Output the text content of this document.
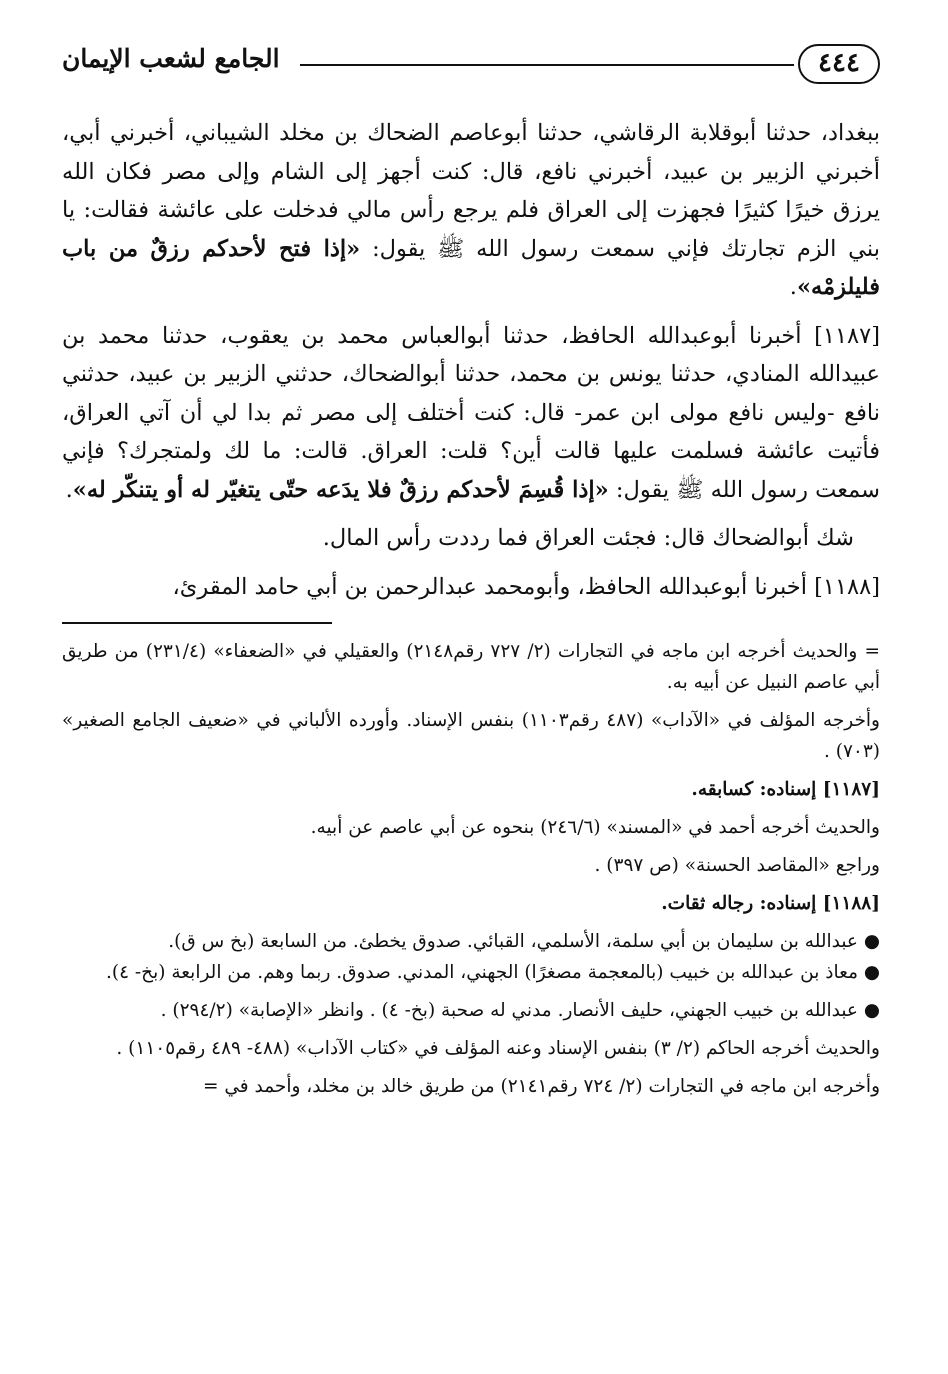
٤٤٤
الجامع لشعب الإيمان

ببغداد، حدثنا أبوقلابة الرقاشي، حدثنا أبوعاصم الضحاك بن مخلد الشيباني، أخبرني أبي، أخبرني الزبير بن عبيد، أخبرني نافع، قال: كنت أجهز إلى الشام وإلى مصر فكان الله يرزق خيرًا كثيرًا فجهزت إلى العراق فلم يرجع رأس مالي فدخلت على عائشة فقالت: يا بني الزم تجارتك فإني سمعت رسول الله ﷺ يقول: «إذا فتح لأحدكم رزقٌ من باب فليلزمْه».

[١١٨٧] أخبرنا أبوعبدالله الحافظ، حدثنا أبوالعباس محمد بن يعقوب، حدثنا محمد بن عبيدالله المنادي، حدثنا يونس بن محمد، حدثنا أبوالضحاك، حدثني الزبير بن عبيد، حدثني نافع -وليس نافع مولى ابن عمر- قال: كنت أختلف إلى مصر ثم بدا لي أن آتي العراق، فأتيت عائشة فسلمت عليها قالت أين؟ قلت: العراق. قالت: ما لك ولمتجرك؟ فإني سمعت رسول الله ﷺ يقول: «إذا قُسِمَ لأحدكم رزقٌ فلا يدَعه حتّى يتغيّر له أو يتنكّر له».

شك أبوالضحاك قال: فجئت العراق فما رددت رأس المال.

[١١٨٨] أخبرنا أبوعبدالله الحافظ، وأبومحمد عبدالرحمن بن أبي حامد المقرئ،

= والحديث أخرجه ابن ماجه في التجارات (٢/ ٧٢٧ رقم٢١٤٨) والعقيلي في «الضعفاء» (٢٣١/٤) من طريق أبي عاصم النبيل عن أبيه به.

وأخرجه المؤلف في «الآداب» (٤٨٧ رقم١١٠٣) بنفس الإسناد. وأورده الألباني في «ضعيف الجامع الصغير» (٧٠٣) .

[١١٨٧] إسناده: كسابقه.

والحديث أخرجه أحمد في «المسند» (٢٤٦/٦) بنحوه عن أبي عاصم عن أبيه.

وراجع «المقاصد الحسنة» (ص ٣٩٧) .

[١١٨٨] إسناده: رجاله ثقات.

● عبدالله بن سليمان بن أبي سلمة، الأسلمي، القبائي. صدوق يخطئ. من السابعة (بخ س ق).

● معاذ بن عبدالله بن خبيب (بالمعجمة مصغرًا) الجهني، المدني. صدوق. ربما وهم. من الرابعة (بخ- ٤).

● عبدالله بن خبيب الجهني، حليف الأنصار. مدني له صحبة (بخ- ٤) . وانظر «الإصابة» (٢٩٤/٢) .

والحديث أخرجه الحاكم (٢/ ٣) بنفس الإسناد وعنه المؤلف في «كتاب الآداب» (٤٨٨- ٤٨٩ رقم١١٠٥) .

وأخرجه ابن ماجه في التجارات (٢/ ٧٢٤ رقم٢١٤١) من طريق خالد بن مخلد، وأحمد في =
